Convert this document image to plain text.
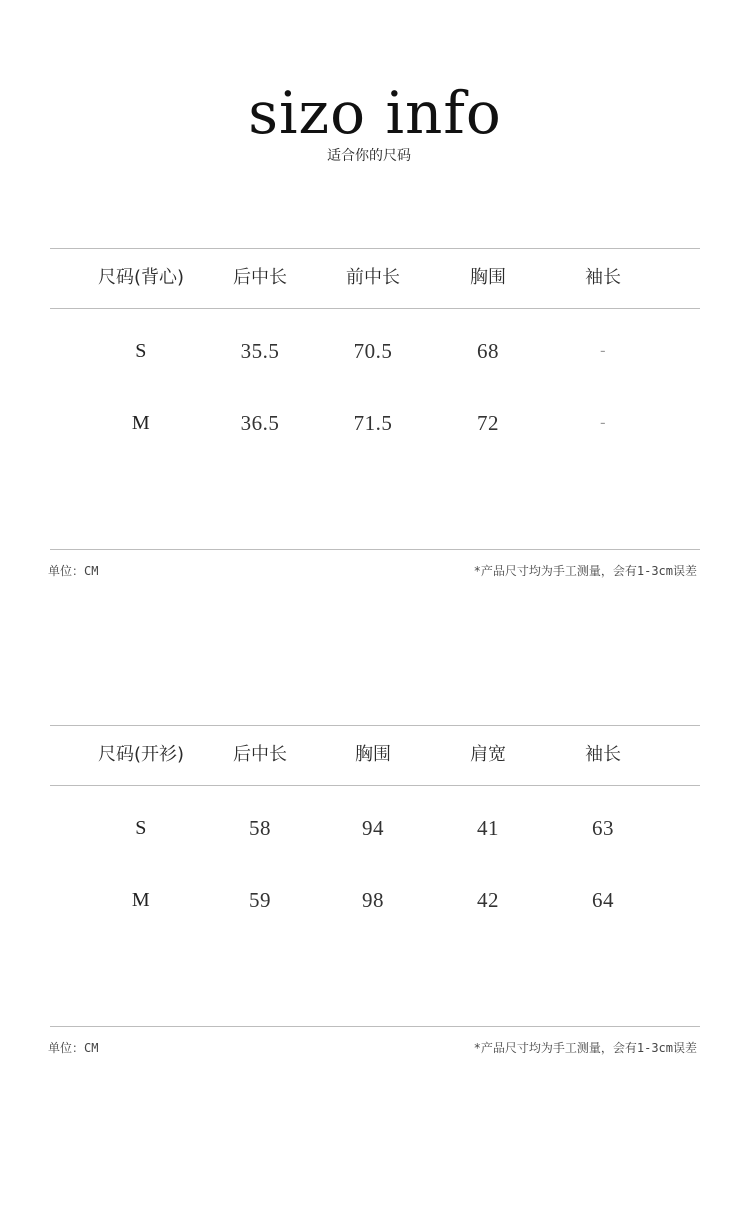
sizo info
适合你的尺码
尺码(背心)	后中长	前中长	胸围	袖长
S	35.5	70.5	68	-
M	36.5	71.5	72	-
单位：CM	*产品尺寸均为手工测量，会有1-3cm误差
尺码(开衫)	后中长	胸围	肩宽	袖长
S	58	94	41	63
M	59	98	42	64
单位：CM	*产品尺寸均为手工测量，会有1-3cm误差
